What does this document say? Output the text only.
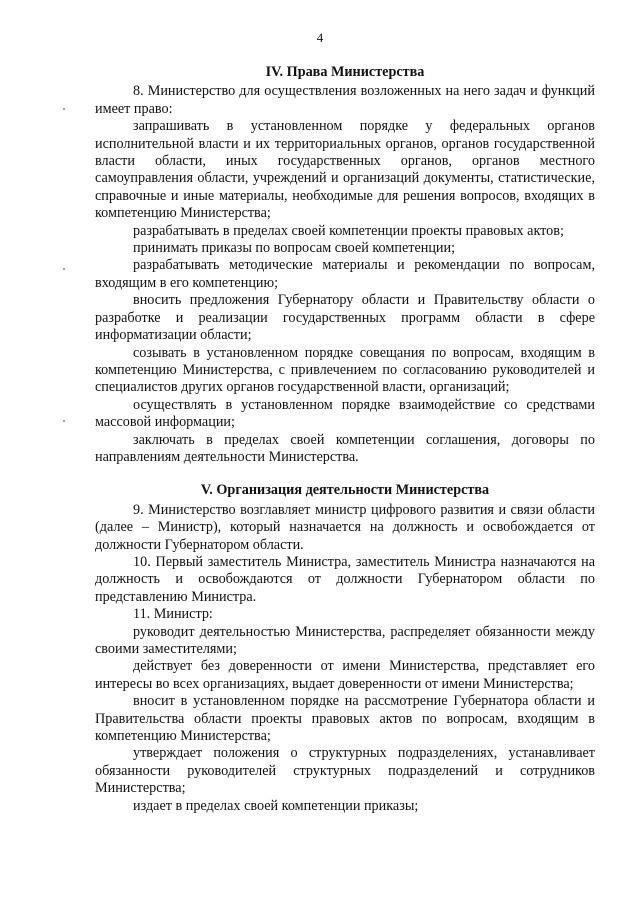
4
IV. Права Министерства

8. Министерство для осуществления возложенных на него задач и функций имеет право:

запрашивать в установленном порядке у федеральных органов исполнительной власти и их территориальных органов, органов государственной власти области, иных государственных органов, органов местного самоуправления области, учреждений и организаций документы, статистические, справочные и иные материалы, необходимые для решения вопросов, входящих в компетенцию Министерства;

разрабатывать в пределах своей компетенции проекты правовых актов;

принимать приказы по вопросам своей компетенции;

разрабатывать методические материалы и рекомендации по вопросам, входящим в его компетенцию;

вносить предложения Губернатору области и Правительству области о разработке и реализации государственных программ области в сфере информатизации области;

созывать в установленном порядке совещания по вопросам, входящим в компетенцию Министерства, с привлечением по согласованию руководителей и специалистов других органов государственной власти, организаций;

осуществлять в установленном порядке взаимодействие со средствами массовой информации;

заключать в пределах своей компетенции соглашения, договоры по направлениям деятельности Министерства.

V. Организация деятельности Министерства

9. Министерство возглавляет министр цифрового развития и связи области (далее – Министр), который назначается на должность и освобождается от должности Губернатором области.

10. Первый заместитель Министра, заместитель Министра назначаются на должность и освобождаются от должности Губернатором области по представлению Министра.

11. Министр:

руководит деятельностью Министерства, распределяет обязанности между своими заместителями;

действует без доверенности от имени Министерства, представляет его интересы во всех организациях, выдает доверенности от имени Министерства;

вносит в установленном порядке на рассмотрение Губернатора области и Правительства области проекты правовых актов по вопросам, входящим в компетенцию Министерства;

утверждает положения о структурных подразделениях, устанавливает обязанности руководителей структурных подразделений и сотрудников Министерства;

издает в пределах своей компетенции приказы;
